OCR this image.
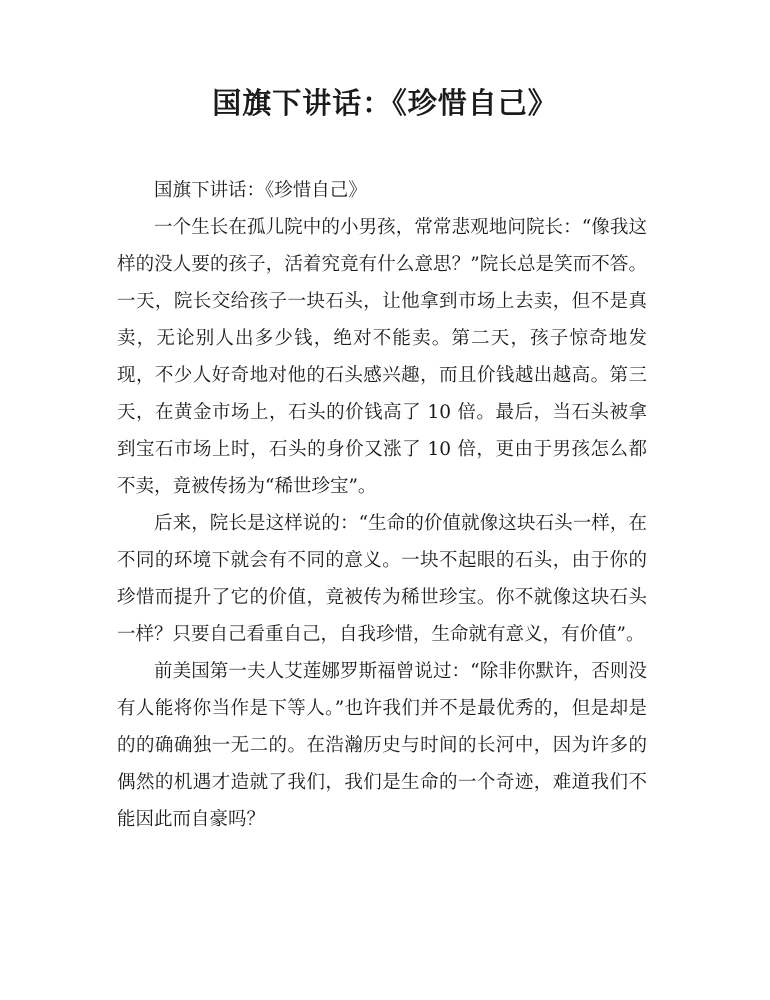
国旗下讲话：《珍惜自己》

国旗下讲话：《珍惜自己》

一个生长在孤儿院中的小男孩，常常悲观地问院长：“像我这样的没人要的孩子，活着究竟有什么意思？”院长总是笑而不答。一天，院长交给孩子一块石头，让他拿到市场上去卖，但不是真卖，无论别人出多少钱，绝对不能卖。第二天，孩子惊奇地发现，不少人好奇地对他的石头感兴趣，而且价钱越出越高。第三天，在黄金市场上，石头的价钱高了 10 倍。最后，当石头被拿到宝石市场上时，石头的身价又涨了 10 倍，更由于男孩怎么都不卖，竟被传扬为“稀世珍宝”。

后来，院长是这样说的：“生命的价值就像这块石头一样，在不同的环境下就会有不同的意义。一块不起眼的石头，由于你的珍惜而提升了它的价值，竟被传为稀世珍宝。你不就像这块石头一样？只要自己看重自己，自我珍惜，生命就有意义，有价值”。

前美国第一夫人艾莲娜罗斯福曾说过：“除非你默许，否则没有人能将你当作是下等人。”也许我们并不是最优秀的，但是却是的的确确独一无二的。在浩瀚历史与时间的长河中，因为许多的偶然的机遇才造就了我们，我们是生命的一个奇迹，难道我们不能因此而自豪吗？
